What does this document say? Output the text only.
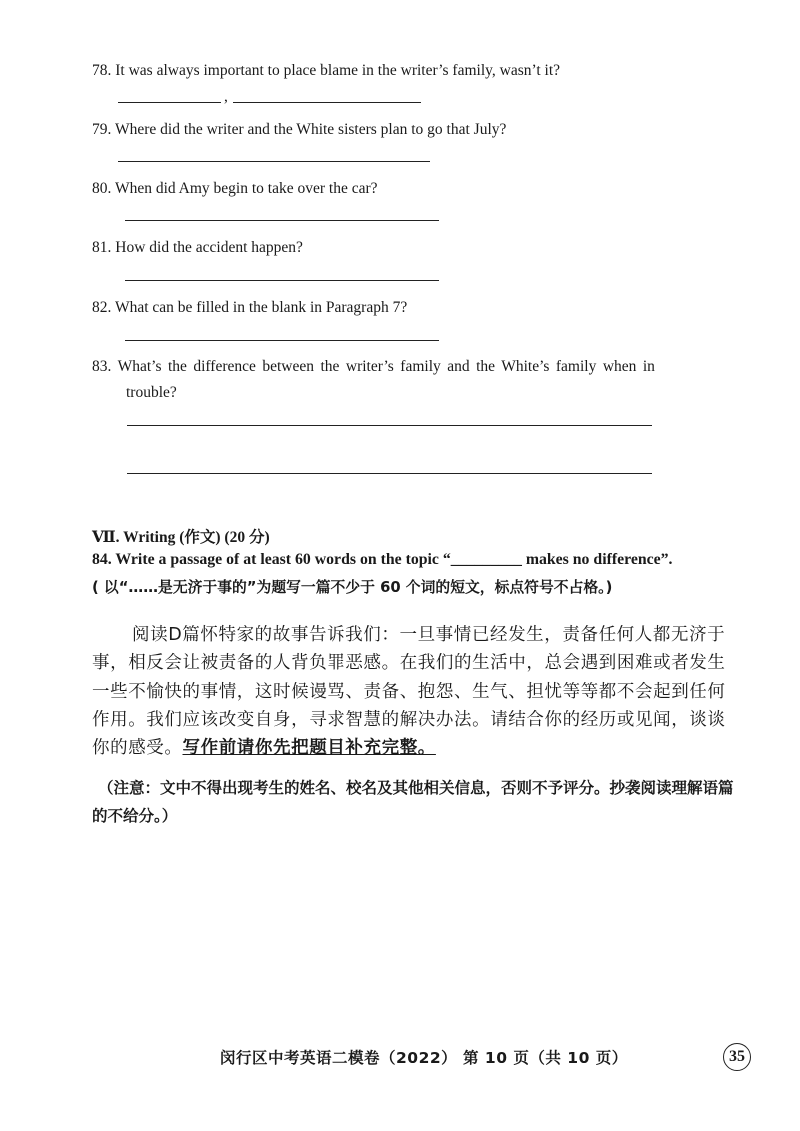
78. It was always important to place blame in the writer’s family, wasn’t it?
,
79. Where did the writer and the White sisters plan to go that July?
80. When did Amy begin to take over the car?
81. How did the accident happen?
82. What can be filled in the blank in Paragraph 7?
83. What’s the difference between the writer’s family and the White’s family when in
trouble?
Ⅶ. Writing (作文) (20 分)
84. Write a passage of at least 60 words on the topic “_________ makes no difference”.
( 以“……是无济于事的”为题写一篇不少于 60 个词的短文，标点符号不占格。)
阅读D篇怀特家的故事告诉我们：一旦事情已经发生，责备任何人都无济于事，相反会让被责备的人背负罪恶感。在我们的生活中，总会遇到困难或者发生一些不愉快的事情，这时候谩骂、责备、抱怨、生气、担忧等等都不会起到任何作用。我们应该改变自身，寻求智慧的解决办法。请结合你的经历或见闻，谈谈你的感受。写作前请你先把题目补充完整。
（注意：文中不得出现考生的姓名、校名及其他相关信息，否则不予评分。抄袭阅读理解语篇的不给分。）
闵行区中考英语二模卷（2022） 第 10 页（共 10 页）	35
